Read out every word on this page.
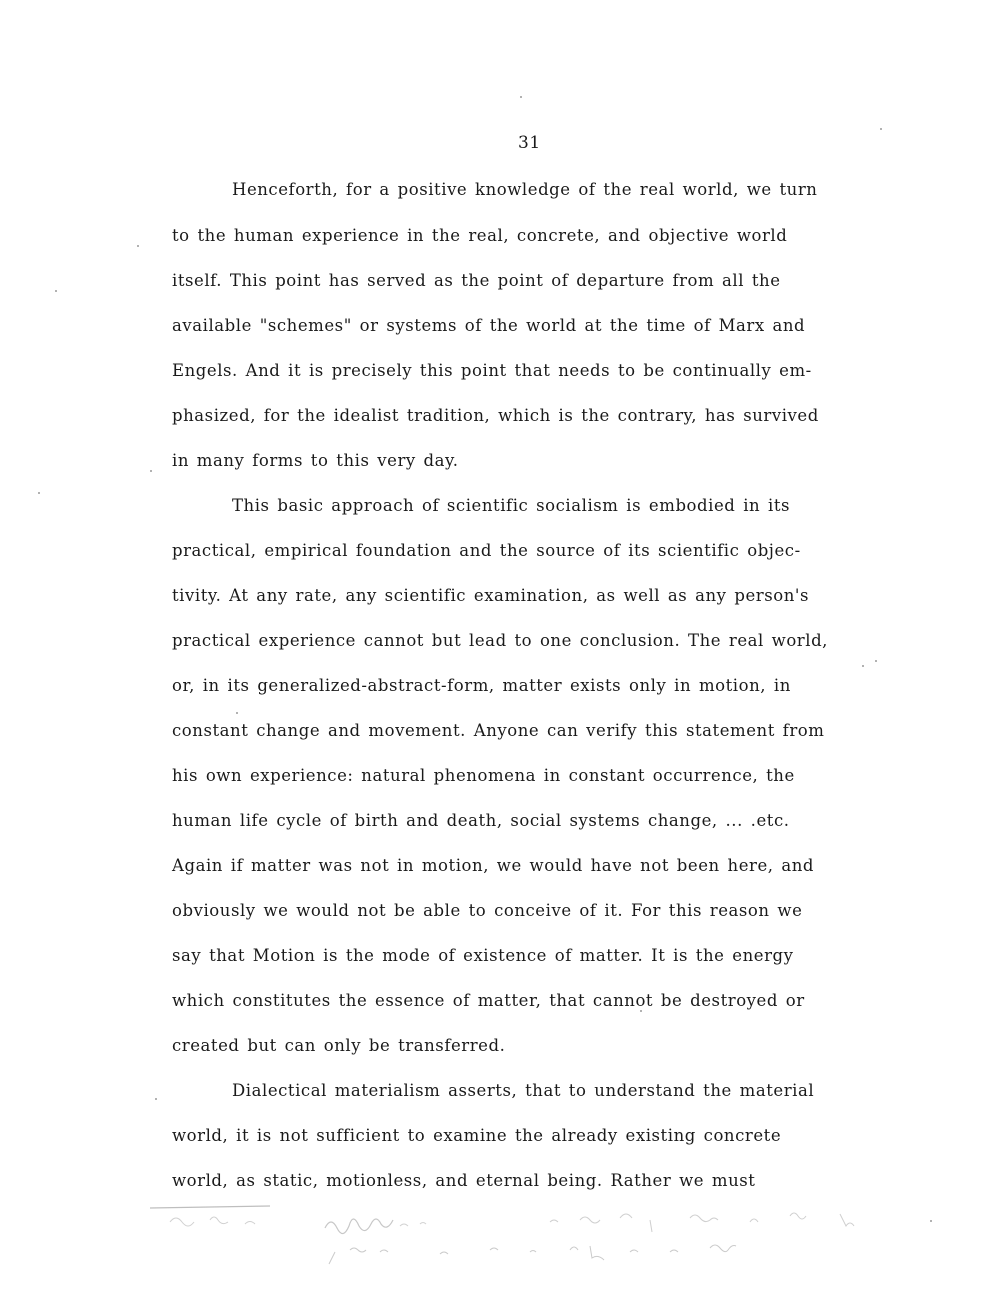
31
Henceforth, for a positive knowledge of the real world, we turn
to the human experience in the real, concrete, and objective world
itself. This point has served as the point of departure from all the
available "schemes" or systems of the world at the time of Marx and
Engels. And it is precisely this point that needs to be continually em-
phasized, for the idealist tradition, which is the contrary, has survived
in many forms to this very day.
This basic approach of scientific socialism is embodied in its
practical, empirical foundation and the source of its scientific objec-
tivity. At any rate, any scientific examination, as well as any person's
practical experience cannot but lead to one conclusion. The real world,
or, in its generalized-abstract-form, matter exists only in motion, in
constant change and movement. Anyone can verify this statement from
his own experience: natural phenomena in constant occurrence, the
human life cycle of birth and death, social systems change, ... .etc.
Again if matter was not in motion, we would have not been here, and
obviously we would not be able to conceive of it. For this reason we
say that Motion is the mode of existence of matter. It is the energy
which constitutes the essence of matter, that cannot be destroyed or
created but can only be transferred.
Dialectical materialism asserts, that to understand the material
world, it is not sufficient to examine the already existing concrete
world, as static, motionless, and eternal being. Rather we must
